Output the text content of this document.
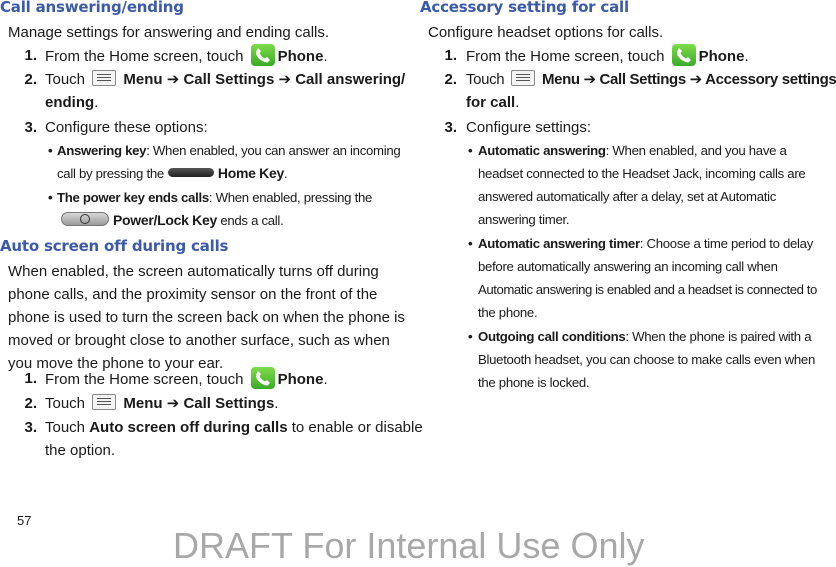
Call answering/ending
Manage settings for answering and ending calls.
1. From the Home screen, touch Phone.
2. Touch	Menu ➔ Call Settings ➔ Call answering/
ending.
3. Configure these options:
• Answering key: When enabled, you can answer an incoming
call by pressing the	Home Key.
• The power key ends calls: When enabled, pressing the
Power/Lock Key ends a call.
Auto screen off during calls
When enabled, the screen automatically turns off during
phone calls, and the proximity sensor on the front of the
phone is used to turn the screen back on when the phone is
moved or brought close to another surface, such as when
you move the phone to your ear.
1. From the Home screen, touch Phone.
2. Touch	Menu ➔ Call Settings.
3. Touch Auto screen off during calls to enable or disable
the option.
Accessory setting for call
Configure headset options for calls.
1. From the Home screen, touch Phone.
2. Touch	Menu ➔ Call Settings ➔ Accessory settings
for call.
3. Configure settings:
• Automatic answering: When enabled, and you have a
headset connected to the Headset Jack, incoming calls are
answered automatically after a delay, set at Automatic
answering timer.
• Automatic answering timer: Choose a time period to delay
before automatically answering an incoming call when
Automatic answering is enabled and a headset is connected to
the phone.
• Outgoing call conditions: When the phone is paired with a
Bluetooth headset, you can choose to make calls even when
the phone is locked.
57
DRAFT For Internal Use Only
